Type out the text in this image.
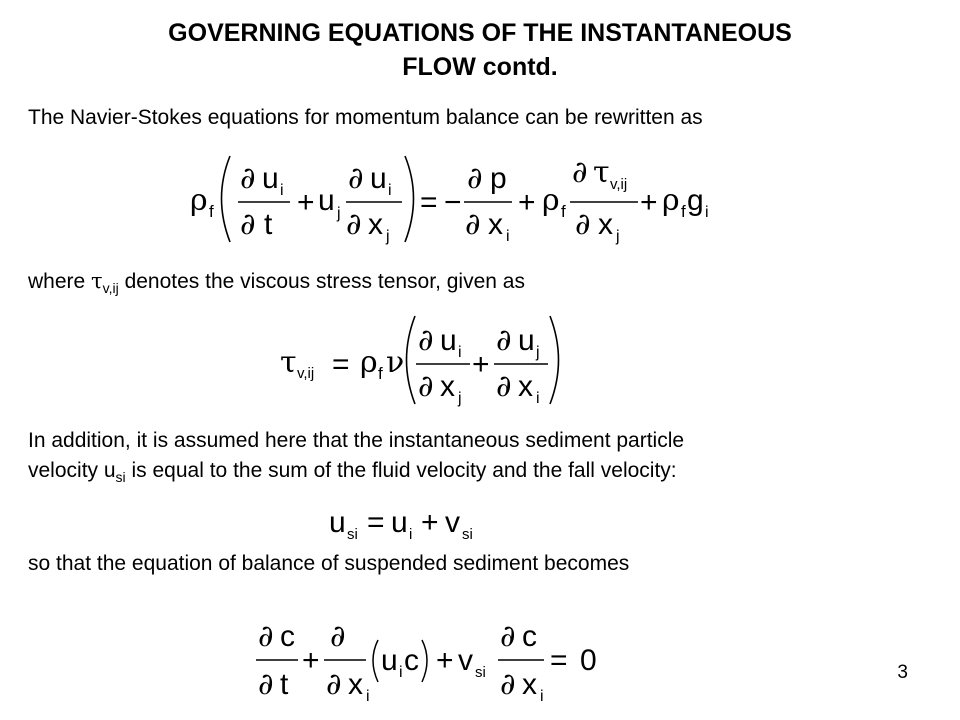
GOVERNING EQUATIONS OF THE INSTANTANEOUS
FLOW contd.

The Navier-Stokes equations for momentum balance can be rewritten as

ρ f
∂ u i
∂ t
+ u j
∂ u i
∂ x j
= −
∂ p
∂ x i
+ ρ f
∂ τ v,ij
∂ x j
+ ρ f g i

where $\tau_{v,ij}$ denotes the viscous stress tensor, given as

τ v,ij = ρ f ν
∂ u i
∂ x j
+
∂ u j
∂ x i

In addition, it is assumed here that the instantaneous sediment particle

velocity $u_{si}$ is equal to the sum of the fluid velocity and the fall velocity:

u si = u i + v si

so that the equation of balance of suspended sediment becomes

∂ c
∂ t
+
∂
∂ x i
u i c + v si
∂ c
∂ x i
= 0	3
